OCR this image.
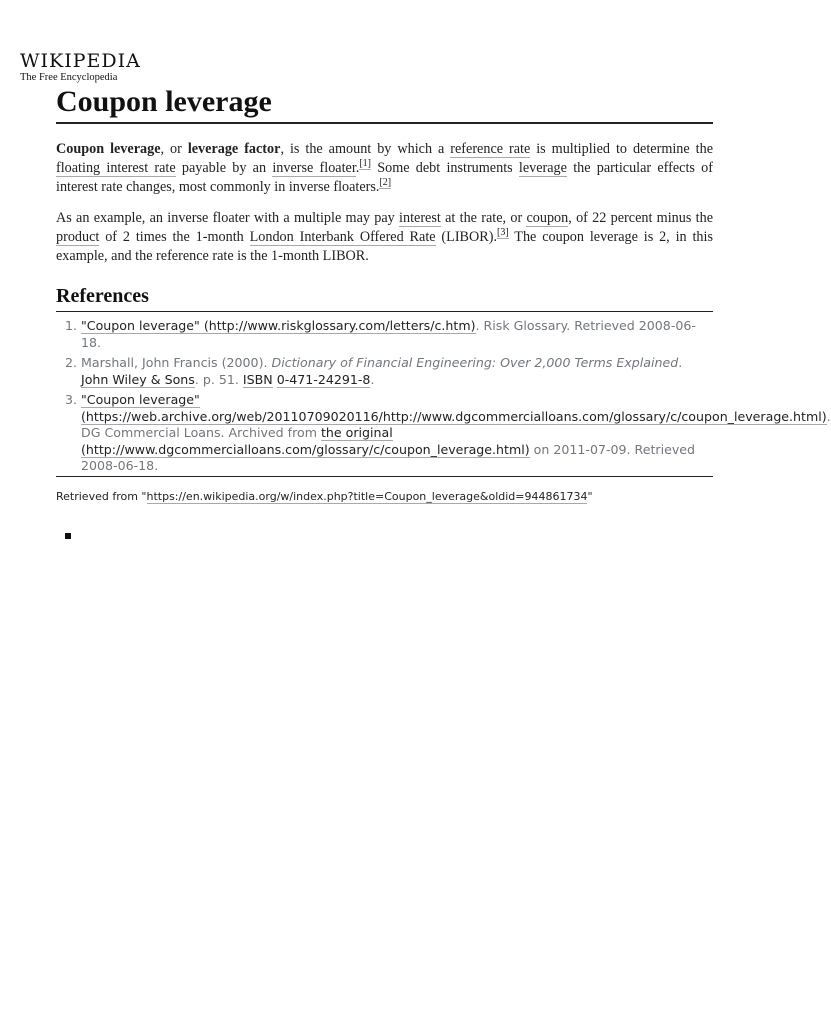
WIKIPEDIA
The Free Encyclopedia
Coupon leverage

Coupon leverage, or leverage factor, is the amount by which a reference rate is multiplied to determine the floating interest rate payable by an inverse floater.[1] Some debt instruments leverage the particular effects of interest rate changes, most commonly in inverse floaters.[2]

As an example, an inverse floater with a multiple may pay interest at the rate, or coupon, of 22 percent minus the product of 2 times the 1-month London Interbank Offered Rate (LIBOR).[3] The coupon leverage is 2, in this example, and the reference rate is the 1-month LIBOR.

References
1. "Coupon leverage" (http://www.riskglossary.com/letters/c.htm). Risk Glossary. Retrieved 2008-06-18.
2. Marshall, John Francis (2000). Dictionary of Financial Engineering: Over 2,000 Terms Explained. John Wiley & Sons. p. 51. ISBN 0-471-24291-8.
3. "Coupon leverage" (https://web.archive.org/web/20110709020116/http://www.dgcommercialloans.com/glossary/c/coupon_leverage.html). DG Commercial Loans. Archived from the original (http://www.dgcommercialloans.com/glossary/c/coupon_leverage.html) on 2011-07-09. Retrieved 2008-06-18.
Retrieved from "https://en.wikipedia.org/w/index.php?title=Coupon_leverage&oldid=944861734"
